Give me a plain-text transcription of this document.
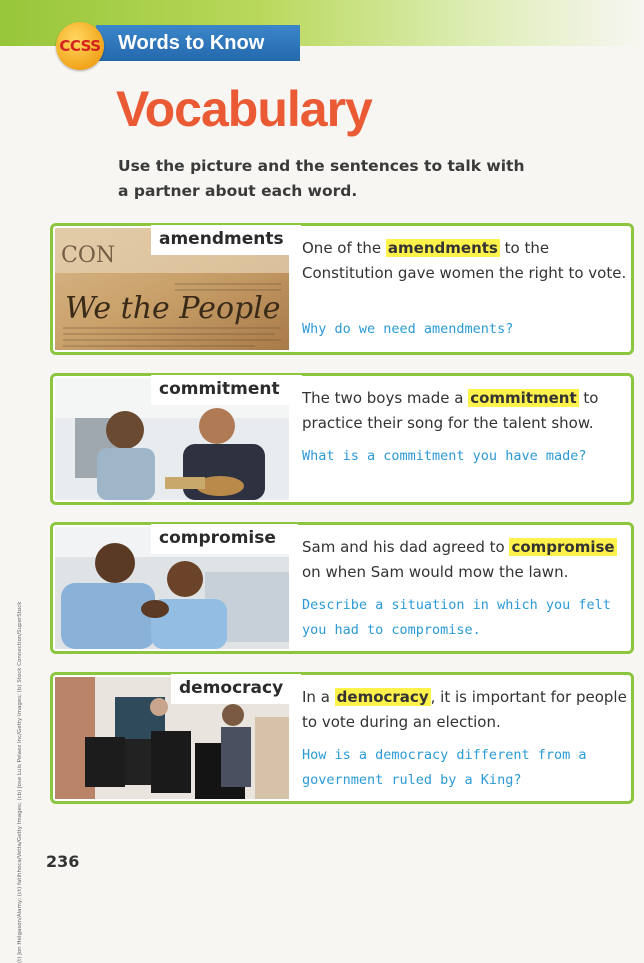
CCSS Words to Know
Vocabulary
Use the picture and the sentences to talk with a partner about each word.
(t) Jon Helgason/Alamy; (ct) fatihhoca/Vetta/Getty Images; (cb) Jose Luis Pelaez Inc/Getty Images; (b) Stock Connection/SuperStock
CON
We the People
amendments	One of the amendments to the Constitution gave women the right to vote.
Why do we need amendments?
commitment	The two boys made a commitment to practice their song for the talent show.
What is a commitment you have made?
compromise	Sam and his dad agreed to compromise on when Sam would mow the lawn.
Describe a situation in which you felt you had to compromise.
democracy	In a democracy , it is important for people to vote during an election.
How is a democracy different from a government ruled by a King?
236
